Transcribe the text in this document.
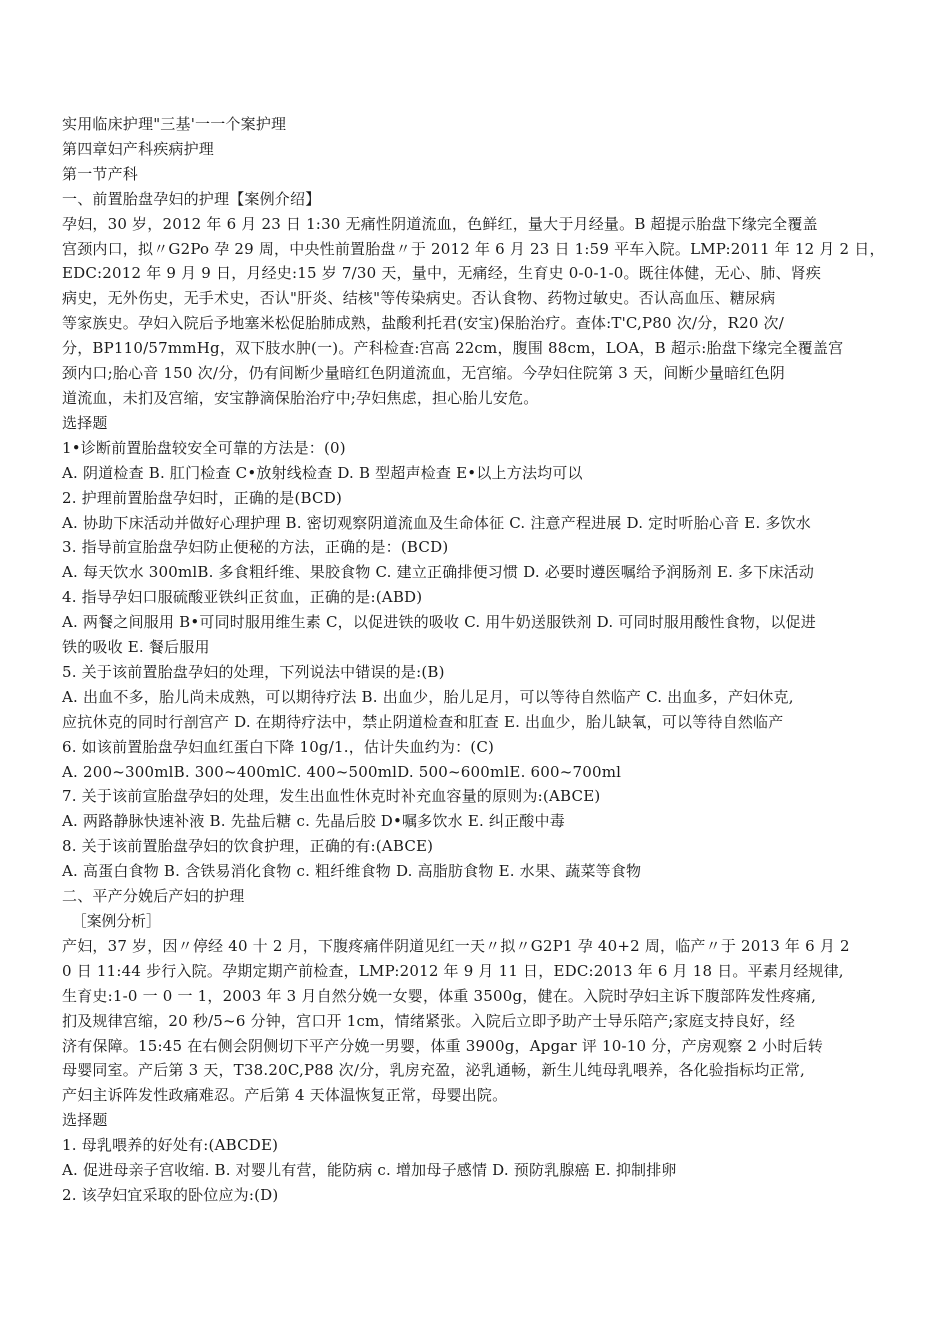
实用临床护理"三基'一一个案护理
第四章妇产科疾病护理
第一节产科
一、前置胎盘孕妇的护理【案例介绍】
孕妇，30 岁，2012 年 6 月 23 日 1:30 无痛性阴道流血，色鲜红，量大于月经量。B 超提示胎盘下缘完全覆盖
宫颈内口，拟〃G2Po 孕 29 周，中央性前置胎盘〃于 2012 年 6 月 23 日 1:59 平车入院。LMP:2011 年 12 月 2 日，
EDC:2012 年 9 月 9 日，月经史:15 岁 7/30 天，量中，无痛经，生育史 0-0-1-0。既往体健，无心、肺、肾疾
病史，无外伤史，无手术史，否认"肝炎、结核"等传染病史。否认食物、药物过敏史。否认高血压、糖尿病
等家族史。孕妇入院后予地塞米松促胎肺成熟，盐酸利托君(安宝)保胎治疗。查体:T'C,P80 次/分，R20 次/
分，BP110/57mmHg，双下肢水肿(一)。产科检查:宫高 22cm，腹围 88cm，LOA，B 超示:胎盘下缘完全覆盖宫
颈内口;胎心音 150 次/分，仍有间断少量暗红色阴道流血，无宫缩。今孕妇住院第 3 天，间断少量暗红色阴
道流血，未扪及宫缩，安宝静滴保胎治疗中;孕妇焦虑，担心胎儿安危。
选择题
1•诊断前置胎盘较安全可靠的方法是：(0)
A. 阴道检查 B. 肛门检查 C•放射线检查 D. B 型超声检查 E•以上方法均可以
2. 护理前置胎盘孕妇时，正确的是(BCD)
A. 协助下床活动并做好心理护理 B. 密切观察阴道流血及生命体征 C. 注意产程进展 D. 定时听胎心音 E. 多饮水
3. 指导前宣胎盘孕妇防止便秘的方法，正确的是：(BCD)
A. 每天饮水 300mlB. 多食粗纤维、果胶食物 C. 建立正确排便习惯 D. 必要时遵医嘱给予润肠剂 E. 多下床活动
4. 指导孕妇口服硫酸亚铁纠正贫血，正确的是:(ABD)
A. 两餐之间服用 B•可同时服用维生素 C，以促进铁的吸收 C. 用牛奶送服铁剂 D. 可同时服用酸性食物，以促进
铁的吸收 E. 餐后服用
5. 关于该前置胎盘孕妇的处理，下列说法中错误的是:(B)
A. 出血不多，胎儿尚未成熟，可以期待疗法 B. 出血少，胎儿足月，可以等待自然临产 C. 出血多，产妇休克,
应抗休克的同时行剖宫产 D. 在期待疗法中，禁止阴道检查和肛查 E. 出血少，胎儿缺氧，可以等待自然临产
6. 如该前置胎盘孕妇血红蛋白下降 10g/1.，估计失血约为：(C)
A. 200~300mlB. 300~400mlC. 400~500mlD. 500~600mlE. 600~700ml
7. 关于该前宣胎盘孕妇的处理，发生出血性休克时补充血容量的原则为:(ABCE)
A. 两路静脉快速补液 B. 先盐后糖 c. 先晶后胶 D•嘱多饮水 E. 纠正酸中毒
8. 关于该前置胎盘孕妇的饮食护理，正确的有:(ABCE)
A. 高蛋白食物 B. 含铁易消化食物 c. 粗纤维食物 D. 高脂肪食物 E. 水果、蔬菜等食物
二、平产分娩后产妇的护理
［案例分析］
产妇，37 岁，因〃停经 40 十 2 月，下腹疼痛伴阴道见红一天〃拟〃G2P1 孕 40+2 周，临产〃于 2013 年 6 月 2
0 日 11:44 步行入院。孕期定期产前检查，LMP:2012 年 9 月 11 日，EDC:2013 年 6 月 18 日。平素月经规律,
生育史:1-0 一 0 一 1，2003 年 3 月自然分娩一女婴，体重 3500g，健在。入院时孕妇主诉下腹部阵发性疼痛,
扪及规律宫缩，20 秒/5~6 分钟，宫口开 1cm，情绪紧张。入院后立即予助产士导乐陪产;家庭支持良好，经
济有保障。15:45 在右侧会阴侧切下平产分娩一男婴，体重 3900g，Apgar 评 10-10 分，产房观察 2 小时后转
母婴同室。产后第 3 天，T38.20C,P88 次/分，乳房充盈，泌乳通畅，新生儿纯母乳喂养，各化验指标均正常,
产妇主诉阵发性政痛难忍。产后第 4 天体温恢复正常，母婴出院。
选择题
1. 母乳喂养的好处有:(ABCDE)
A. 促进母亲子宫收缩. B. 对婴儿有营，能防病 c. 增加母子感情 D. 预防乳腺癌 E. 抑制排卵
2. 该孕妇宜采取的卧位应为:(D)
